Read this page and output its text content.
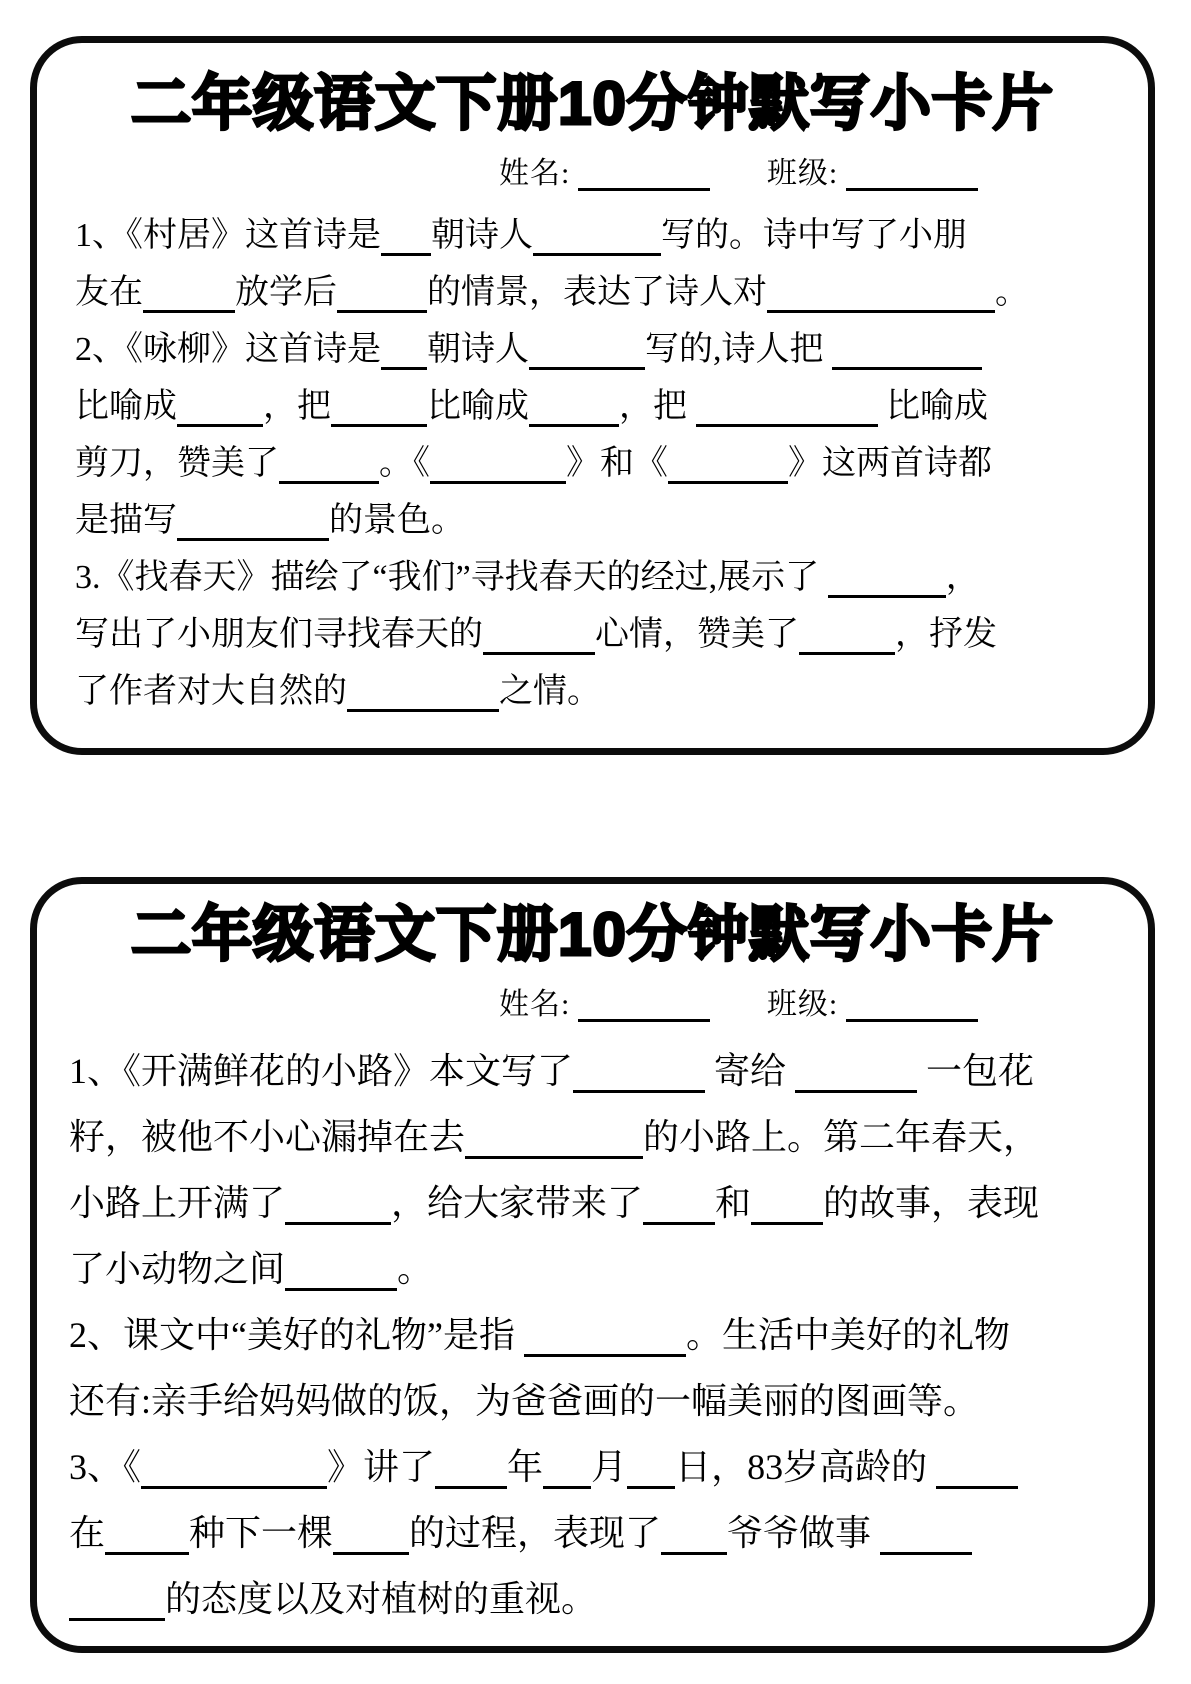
二年级语文下册10分钟默写小卡片
姓名:	班级:
1、《村居》这首诗是 朝诗人	写的。诗中写了小朋
友在	放学后	的情景，表达了诗人对	。
2、《咏柳》这首诗是 朝诗人	写的,诗人把
比喻成	，把	比喻成	，把	比喻成
剪刀，赞美了	。《	》和《	》这两首诗都
是描写	的景色。
3.《找春天》描绘了“我们”寻找春天的经过,展示了	，
写出了小朋友们寻找春天的	心情，赞美了	，抒发
了作者对大自然的	之情。
二年级语文下册10分钟默写小卡片
姓名:	班级:
1、《开满鲜花的小路》本文写了	寄给	一包花
籽，被他不小心漏掉在去	的小路上。第二年春天，
小路上开满了	，给大家带来了 和 的故事，表现
了小动物之间	。
2、课文中“美好的礼物”是指	。生活中美好的礼物
还有:亲手给妈妈做的饭，为爸爸画的一幅美丽的图画等。
3、《	》讲了 年 月 日，83岁高龄的
在 种下一棵 的过程，表现了 爷爷做事
的态度以及对植树的重视。
